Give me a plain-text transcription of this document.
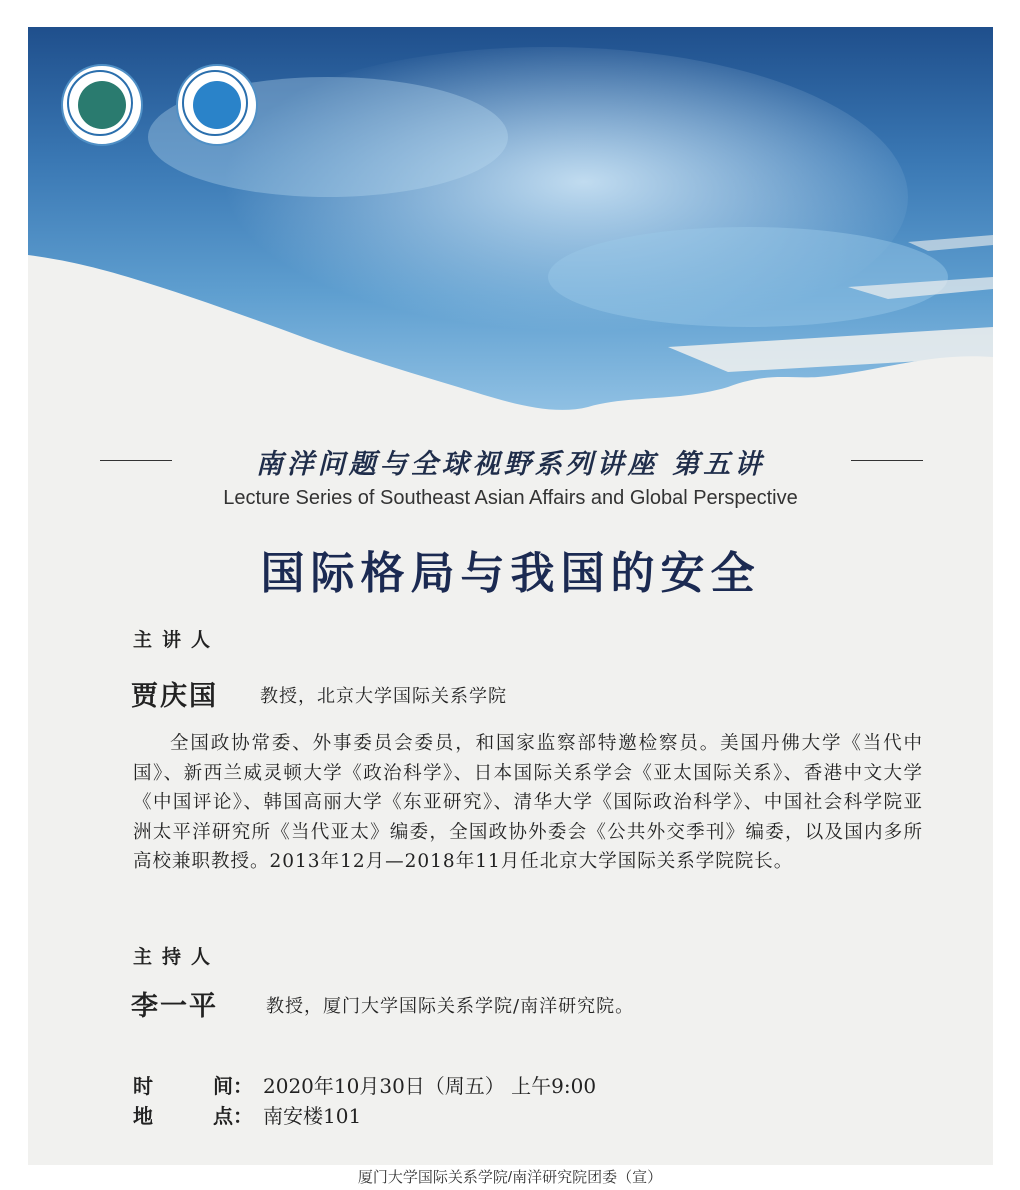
南洋问题与全球视野系列讲座 第五讲
Lecture Series of Southeast Asian Affairs and Global Perspective
国际格局与我国的安全
主讲人
贾庆国 教授，北京大学国际关系学院
全国政协常委、外事委员会委员，和国家监察部特邀检察员。美国丹佛大学《当代中国》、新西兰威灵顿大学《政治科学》、日本国际关系学会《亚太国际关系》、香港中文大学《中国评论》、韩国高丽大学《东亚研究》、清华大学《国际政治科学》、中国社会科学院亚洲太平洋研究所《当代亚太》编委，全国政协外委会《公共外交季刊》编委，以及国内多所高校兼职教授。2013年12月—2018年11月任北京大学国际关系学院院长。
主持人
李一平	教授，厦门大学国际关系学院/南洋研究院。
时	间： 2020年10月30日（周五） 上午9:00
地	点： 南安楼101
厦门大学国际关系学院/南洋研究院团委（宣）
